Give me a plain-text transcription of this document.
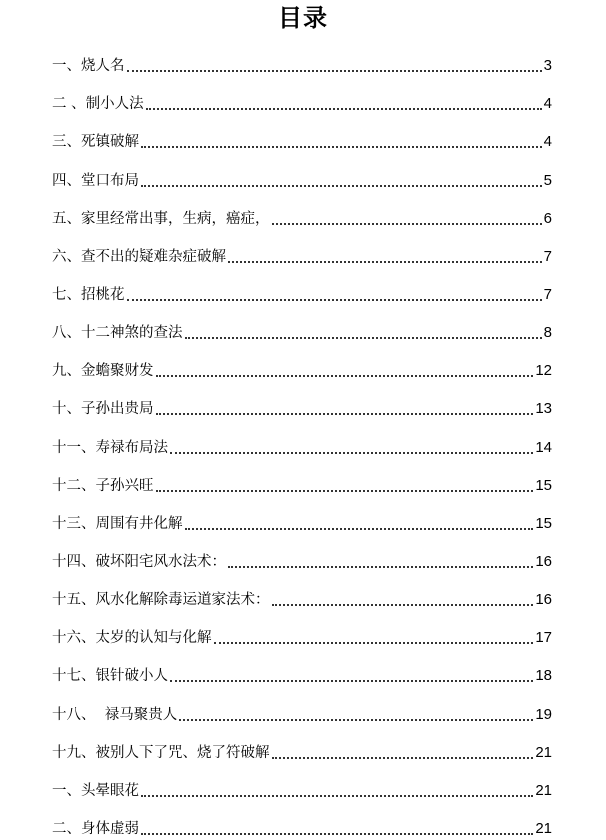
目录
一、烧人名	3
二 、制小人法	4
三、死镇破解	4
四、堂口布局	5
五、家里经常出事，生病，癌症，	6
六、查不出的疑难杂症破解	7
七、招桃花	7
八、十二神煞的查法	8
九、金蟾聚财发	12
十、子孙出贵局	13
十一、寿禄布局法	14
十二、子孙兴旺	15
十三、周围有井化解	15
十四、破坏阳宅风水法术：	16
十五、风水化解除毒运道家法术：	16
十六、太岁的认知与化解	17
十七、银针破小人	18
十八、  禄马聚贵人	19
十九、被别人下了咒、烧了符破解	21
一、头晕眼花	21
二、身体虚弱	21
